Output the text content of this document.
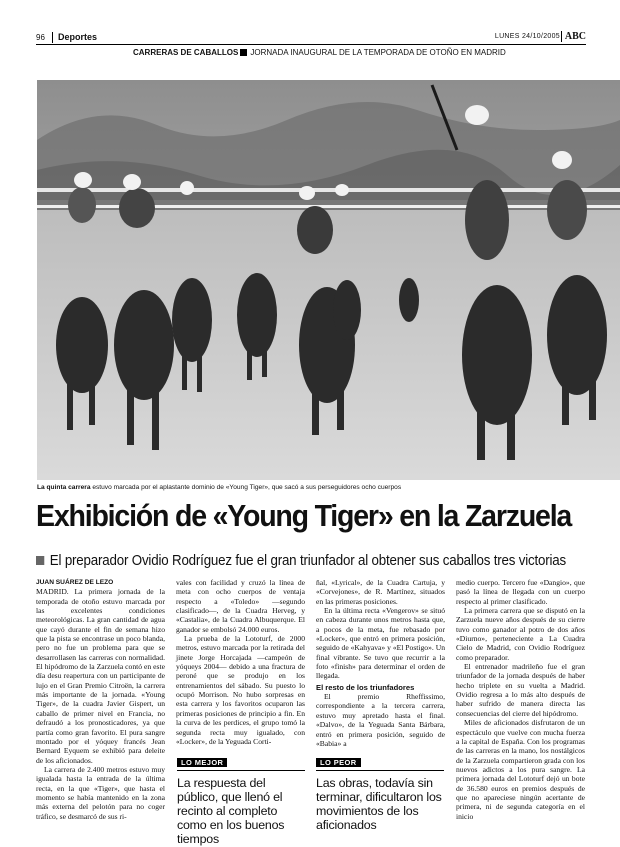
96 Deportes	LUNES 24/10/2005 ABC
CARRERAS DE CABALLOS JORNADA INAUGURAL DE LA TEMPORADA DE OTOÑO EN MADRID
La quinta carrera estuvo marcada por el aplastante dominio de «Young Tiger», que sacó a sus perseguidores ocho cuerpos
Exhibición de «Young Tiger» en la Zarzuela
El preparador Ovidio Rodríguez fue el gran triunfador al obtener sus caballos tres victorias

JUAN SUÁREZ DE LEZO

MADRID. La primera jornada de la temporada de otoño estuvo marcada por las excelentes condiciones meteorológicas. La gran cantidad de agua que cayó durante el fin de semana hizo que la pista se encontrase un poco blanda, pero no fue un problema para que se desarrollasen las carreras con normalidad. El hipódromo de la Zarzuela contó en este día desu reapertura con un participante de lujo en el Gran Premio Citroën, la carrera más importante de la jornada. «Young Tiger», de la cuadra Javier Gispert, un caballo de primer nivel en Francia, no defraudó a los pronosticadores, ya que partía como gran favorito. El pura sangre montado por el yóquey francés Jean Bernard Eyquem se exhibió para deleite de los aficionados.

La carrera de 2.400 metros estuvo muy igualada hasta la entrada de la última recta, en la que «Tiger», que hasta el momento se había mantenido en la zona más externa del pelotón para no coger tráfico, se desmarcó de sus ri-

vales con facilidad y cruzó la línea de meta con ocho cuerpos de ventaja respecto a «Toledo» —segundo clasificado—, de la Cuadra Herveg, y «Castalia», de la Cuadra Albuquerque. El ganador se embolsó 24.000 euros.

La prueba de la Lototurf, de 2000 metros, estuvo marcada por la retirada del jinete Jorge Horcajada —campeón de yóqueys 2004— debido a una fractura de peroné que se produjo en los entrenamientos del sábado. Su puesto lo ocupó Morrison. No hubo sorpresas en esta carrera y los favoritos ocuparon las primeras posiciones de principio a fin. En la curva de les perdices, el grupo tomó la segunda recta muy igualado, con «Locker», de la Yeguada Corti-

ñal, «Lyrical», de la Cuadra Cartuja, y «Corvejones», de R. Martínez, situados en las primeras posiciones.

En la última recta «Vengerov» se situó en cabeza durante unos metros hasta que, a pocos de la meta, fue rebasado por «Locker», que entró en primera posición, seguido de «Kahyava» y «El Postigo». Un final vibrante. Se tuvo que recurrir a la foto «finish» para determinar el orden de llegada.

El resto de los triunfadores

El premio Rheffissimo, correspondiente a la tercera carrera, estuvo muy apretado hasta el final. «Dalvo», de la Yeguada Santa Bárbara, entró en primera posición, seguido de «Babia» a

medio cuerpo. Tercero fue «Dangio», que pasó la línea de llegada con un cuerpo respecto al primer clasificado.

La primera carrera que se disputó en la Zarzuela nueve años después de su cierre tuvo como ganador al potro de dos años «Diurno», perteneciente a La Cuadra Cielo de Madrid, con Ovidio Rodríguez como preparador.

El entrenador madrileño fue el gran triunfador de la jornada después de haber hecho triplete en su vuelta a Madrid. Ovidio regresa a lo más alto después de haber sufrido de manera directa las consecuencias del cierre del hipódromo.

Miles de aficionados disfrutaron de un espectáculo que vuelve con mucha fuerza a la capital de España. Con los programas de las carreras en la mano, los nostálgicos de la Zarzuela compartieron grada con los nuevos adictos a los pura sangre. La primera jornada del Lototurf dejó un bote de 36.580 euros en premios después de que no apareciese ningún acertante de primera, ni de segunda categoría en el inicio

LO MEJOR

La respuesta del público, que llenó el recinto al completo como en los buenos tiempos

LO PEOR

Las obras, todavía sin terminar, dificultaron los movimientos de los aficionados
